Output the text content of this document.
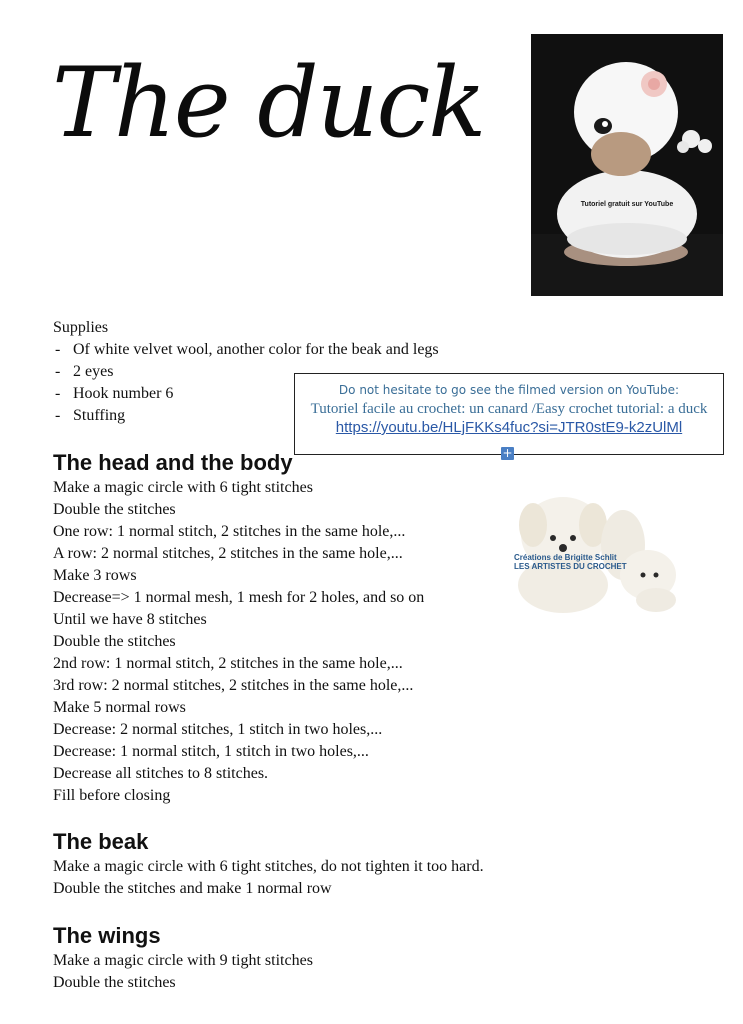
The duck
Tutoriel gratuit sur YouTube
Supplies
- Of white velvet wool, another color for the beak and legs
- 2 eyes
- Hook number 6
- Stuffing
Do not hesitate to go see the filmed version on YouTube:
Tutoriel facile au crochet: un canard /Easy crochet tutorial: a duck
https://youtu.be/HLjFKKs4fuc?si=JTR0stE9-k2zUlMl
+
The head and the body
Make a magic circle with 6 tight stitches
Double the stitches
One row: 1 normal stitch, 2 stitches in the same hole,...
A row: 2 normal stitches, 2 stitches in the same hole,...
Make 3 rows
Decrease=> 1 normal mesh, 1 mesh for 2 holes, and so on
Until we have 8 stitches
Double the stitches
2nd row: 1 normal stitch, 2 stitches in the same hole,...
3rd row: 2 normal stitches, 2 stitches in the same hole,...
Make 5 normal rows
Decrease: 2 normal stitches, 1 stitch in two holes,...
Decrease: 1 normal stitch, 1 stitch in two holes,...
Decrease all stitches to 8 stitches.
Fill before closing
Créations de Brigitte Schlit
LES ARTISTES DU CROCHET
The beak
Make a magic circle with 6 tight stitches, do not tighten it too hard.
Double the stitches and make 1 normal row
The wings
Make a magic circle with 9 tight stitches
Double the stitches
